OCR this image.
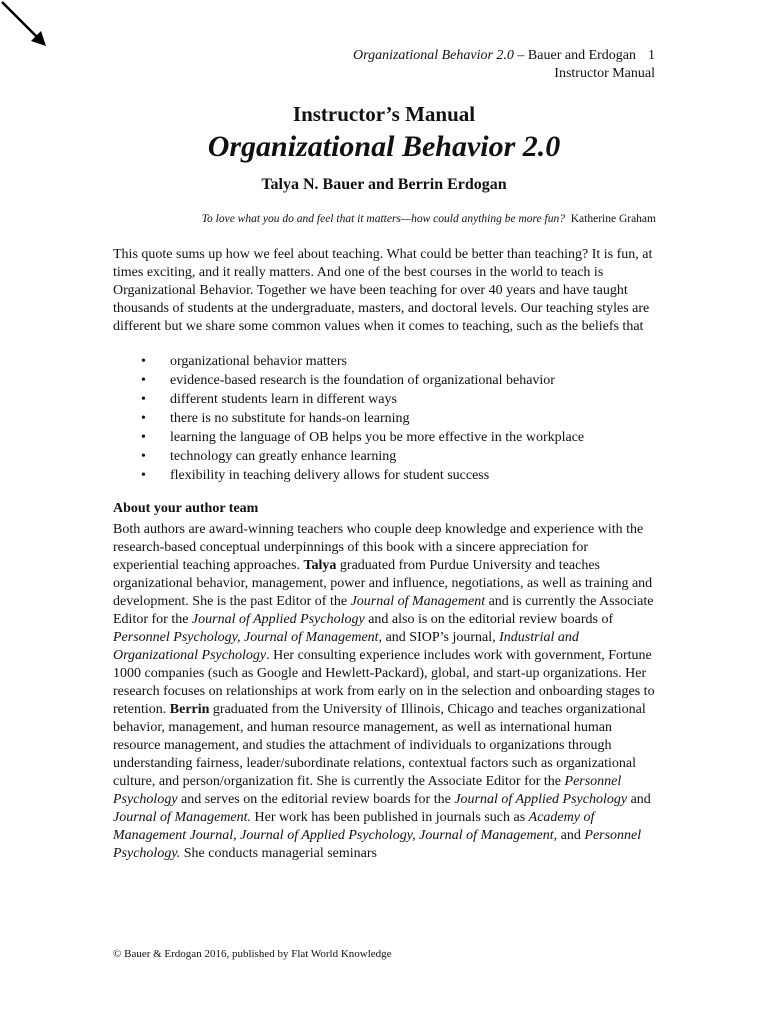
Organizational Behavior 2.0 – Bauer and Erdogan 1
Instructor Manual
Instructor’s Manual
Organizational Behavior 2.0
Talya N. Bauer and Berrin Erdogan
To love what you do and feel that it matters—how could anything be more fun? Katherine Graham

This quote sums up how we feel about teaching. What could be better than teaching? It is fun, at times exciting, and it really matters. And one of the best courses in the world to teach is Organizational Behavior. Together we have been teaching for over 40 years and have taught thousands of students at the undergraduate, masters, and doctoral levels. Our teaching styles are different but we share some common values when it comes to teaching, such as the beliefs that

• organizational behavior matters
• evidence-based research is the foundation of organizational behavior
• different students learn in different ways
• there is no substitute for hands-on learning
• learning the language of OB helps you be more effective in the workplace
• technology can greatly enhance learning
• flexibility in teaching delivery allows for student success

About your author team

Both authors are award-winning teachers who couple deep knowledge and experience with the research-based conceptual underpinnings of this book with a sincere appreciation for experiential teaching approaches. Talya graduated from Purdue University and teaches organizational behavior, management, power and influence, negotiations, as well as training and development. She is the past Editor of the Journal of Management and is currently the Associate Editor for the Journal of Applied Psychology and also is on the editorial review boards of Personnel Psychology, Journal of Management, and SIOP’s journal, Industrial and Organizational Psychology. Her consulting experience includes work with government, Fortune 1000 companies (such as Google and Hewlett-Packard), global, and start-up organizations. Her research focuses on relationships at work from early on in the selection and onboarding stages to retention. Berrin graduated from the University of Illinois, Chicago and teaches organizational behavior, management, and human resource management, as well as international human resource management, and studies the attachment of individuals to organizations through understanding fairness, leader/subordinate relations, contextual factors such as organizational culture, and person/organization fit. She is currently the Associate Editor for the Personnel Psychology and serves on the editorial review boards for the Journal of Applied Psychology and Journal of Management. Her work has been published in journals such as Academy of Management Journal, Journal of Applied Psychology, Journal of Management, and Personnel Psychology. She conducts managerial seminars

© Bauer & Erdogan 2016, published by Flat World Knowledge
